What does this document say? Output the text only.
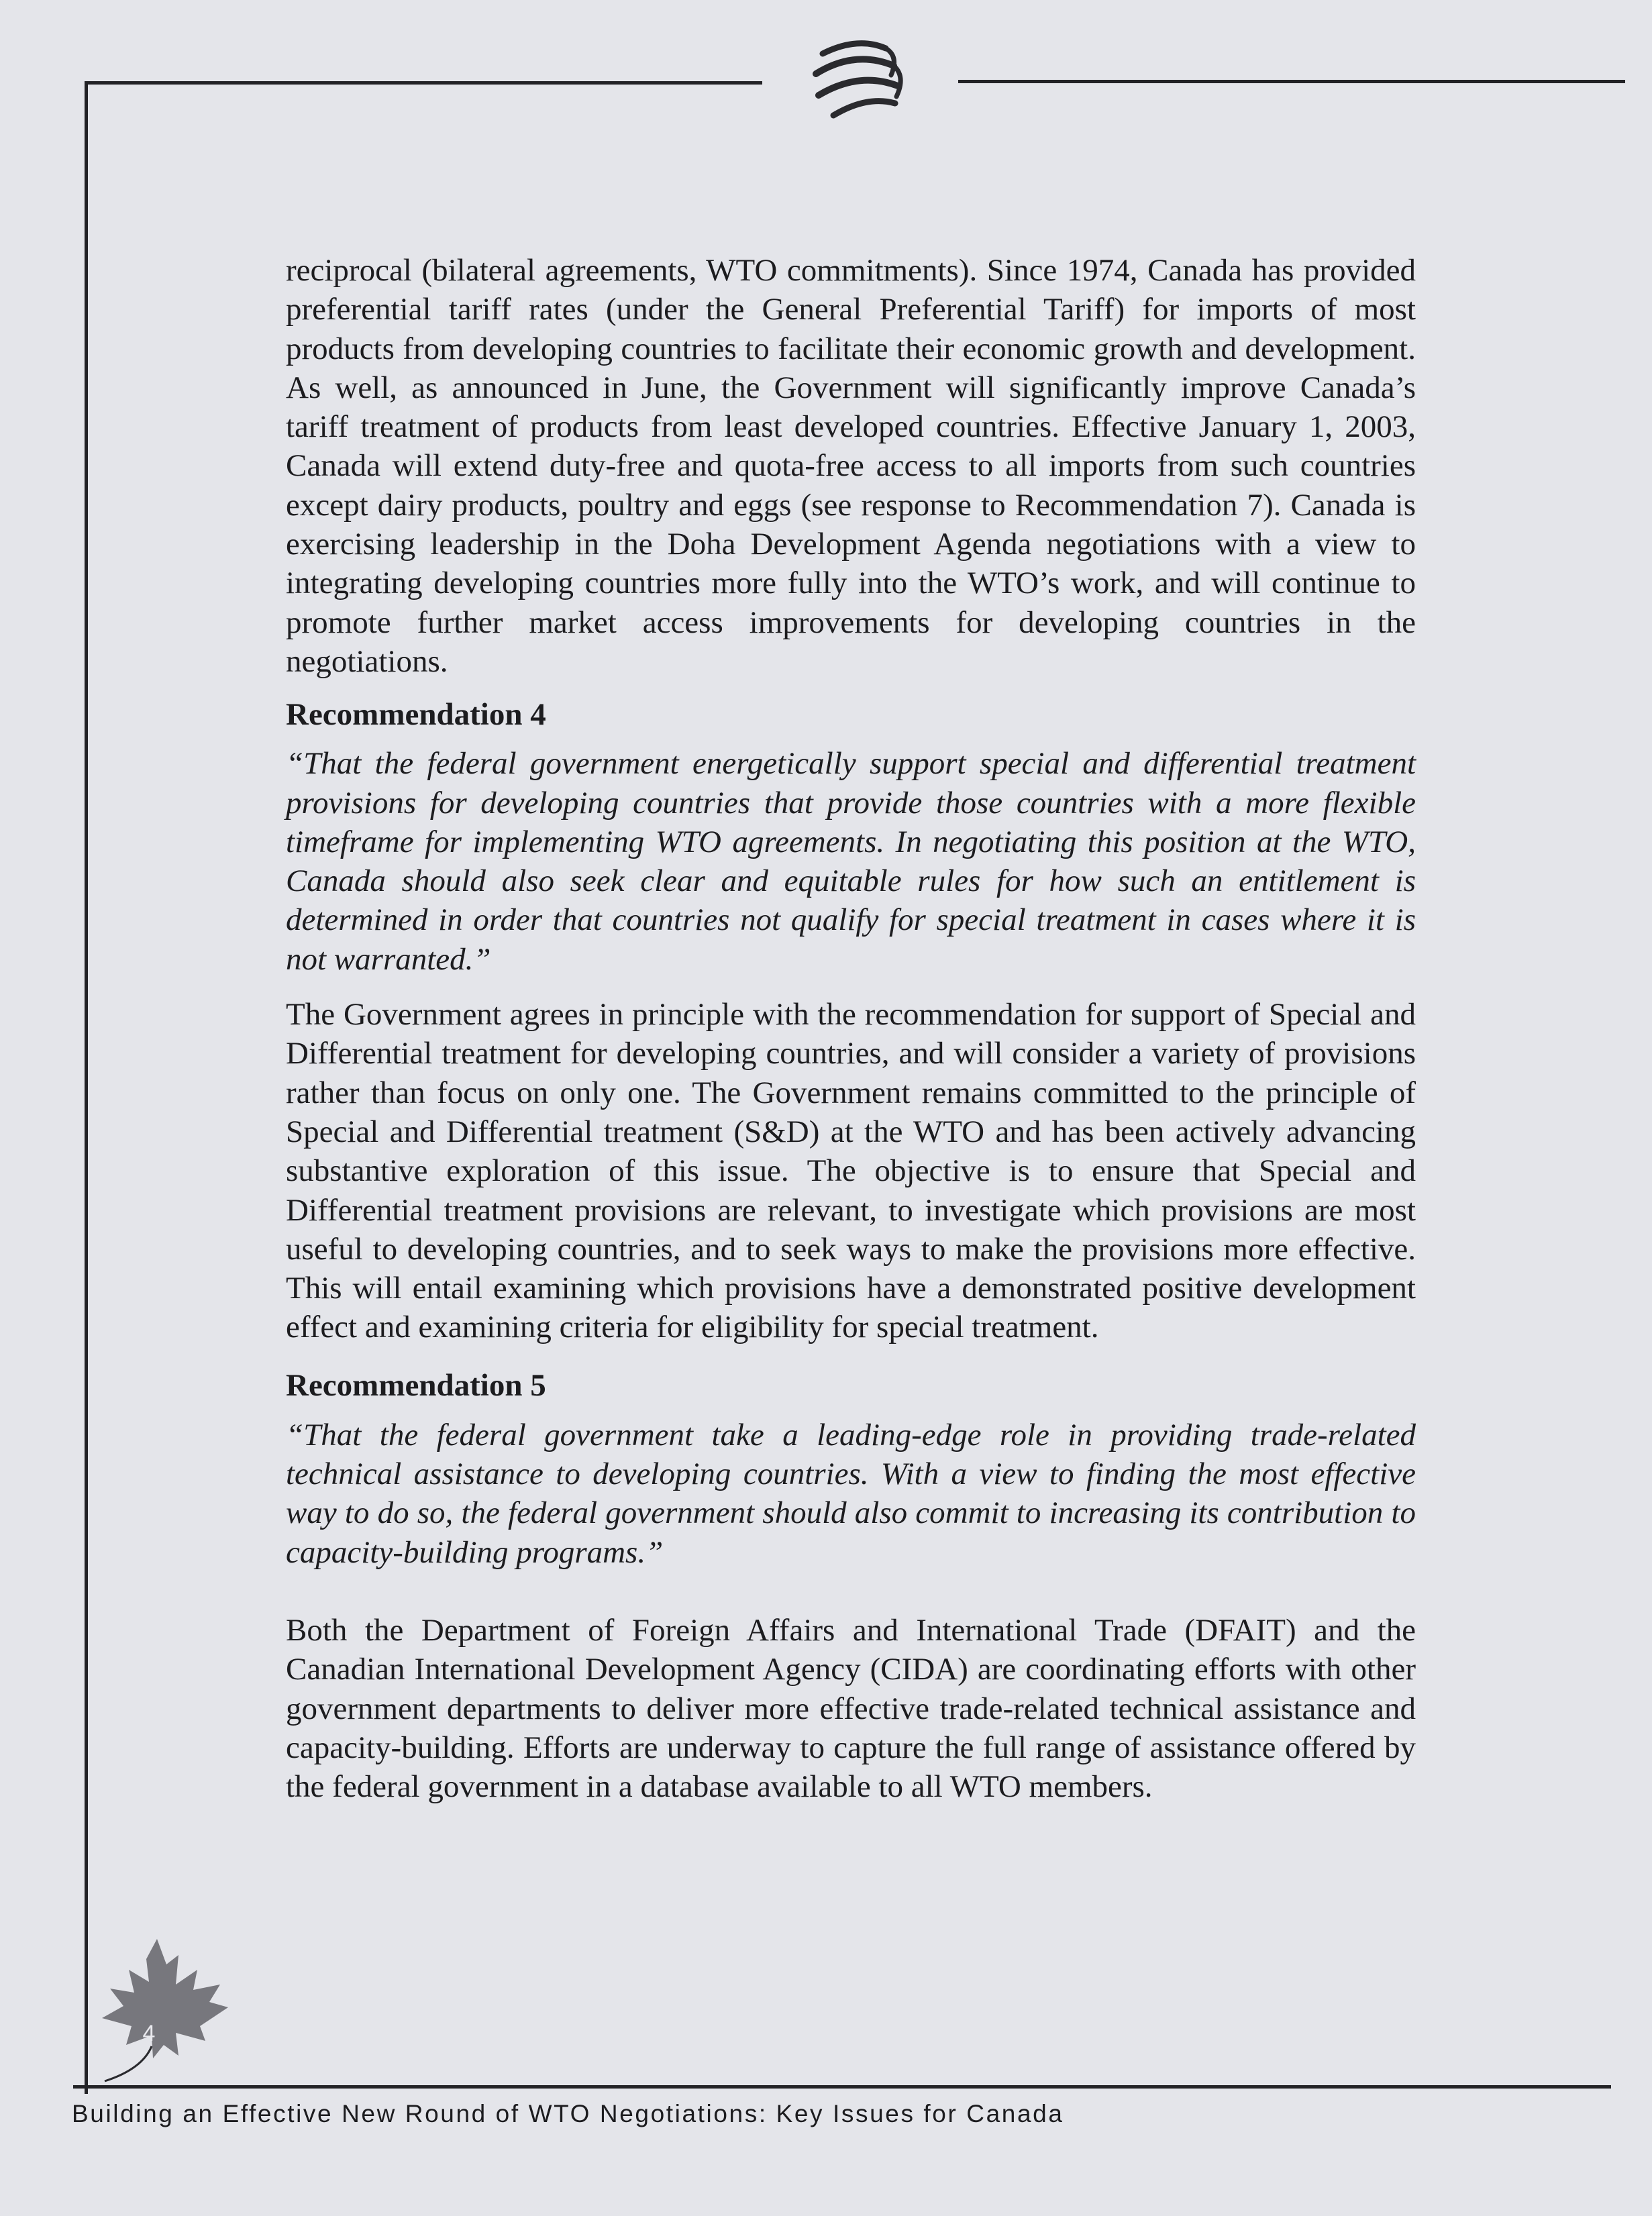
reciprocal (bilateral agreements, WTO commitments). Since 1974, Canada has provided preferential tariff rates (under the General Preferential Tariff) for imports of most products from developing countries to facilitate their economic growth and development. As well, as announced in June, the Government will significantly improve Canada’s tariff treatment of products from least developed countries. Effective January 1, 2003, Canada will extend duty-free and quota-free access to all imports from such countries except dairy products, poultry and eggs (see response to Recommendation 7). Canada is exercising leadership in the Doha Development Agenda negotiations with a view to integrating developing countries more fully into the WTO’s work, and will continue to promote further market access improvements for developing countries in the negotiations.

Recommendation 4

“That the federal government energetically support special and differential treatment provisions for developing countries that provide those countries with a more flexible timeframe for implementing WTO agreements. In negotiating this position at the WTO, Canada should also seek clear and equitable rules for how such an entitlement is determined in order that countries not qualify for special treatment in cases where it is not warranted.”

The Government agrees in principle with the recommendation for support of Special and Differential treatment for developing countries, and will consider a variety of provisions rather than focus on only one. The Government remains committed to the principle of Special and Differential treatment (S&D) at the WTO and has been actively advancing substantive exploration of this issue. The objective is to ensure that Special and Differential treatment provisions are relevant, to investigate which provisions are most useful to developing countries, and to seek ways to make the provisions more effective. This will entail examining which provisions have a demonstrated positive development effect and examining criteria for eligibility for special treatment.

Recommendation 5

“That the federal government take a leading-edge role in providing trade-related technical assistance to developing countries. With a view to finding the most effective way to do so, the federal government should also commit to increasing its contribution to capacity-building programs.”

Both the Department of Foreign Affairs and International Trade (DFAIT) and the Canadian International Development Agency (CIDA) are coordinating efforts with other government departments to deliver more effective trade-related technical assistance and capacity-building. Efforts are underway to capture the full range of assistance offered by the federal government in a database available to all WTO members.

4
Building an Effective New Round of WTO Negotiations: Key Issues for Canada
